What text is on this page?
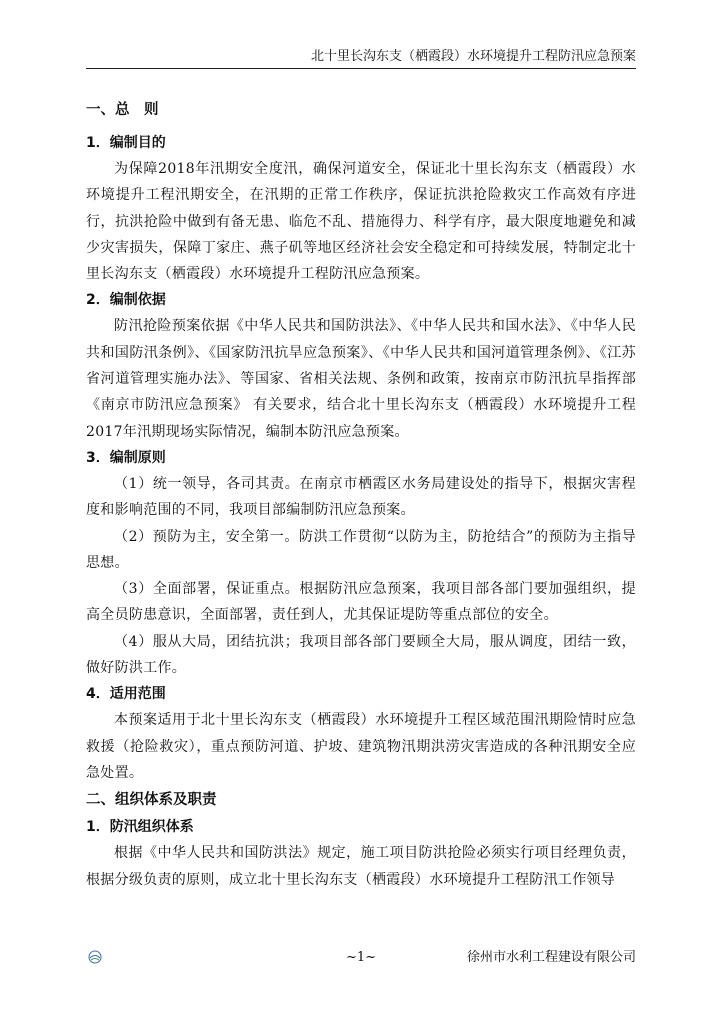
北十里长沟东支（栖霞段）水环境提升工程防汛应急预案
一、总　则
1．编制目的

为保障2018年汛期安全度汛，确保河道安全，保证北十里长沟东支（栖霞段）水环境提升工程汛期安全，在汛期的正常工作秩序，保证抗洪抢险救灾工作高效有序进行，抗洪抢险中做到有备无患、临危不乱、措施得力、科学有序，最大限度地避免和减少灾害损失，保障丁家庄、燕子矶等地区经济社会安全稳定和可持续发展，特制定北十里长沟东支（栖霞段）水环境提升工程防汛应急预案。

2．编制依据

防汛抢险预案依据《中华人民共和国防洪法》、《中华人民共和国水法》、《中华人民共和国防汛条例》、《国家防汛抗旱应急预案》、《中华人民共和国河道管理条例》、《江苏省河道管理实施办法》、等国家、省相关法规、条例和政策，按南京市防汛抗旱指挥部《南京市防汛应急预案》 有关要求，结合北十里长沟东支（栖霞段）水环境提升工程2017年汛期现场实际情况，编制本防汛应急预案。

3．编制原则

（1）统一领导，各司其责。在南京市栖霞区水务局建设处的指导下，根据灾害程度和影响范围的不同，我项目部编制防汛应急预案。

（2）预防为主，安全第一。防洪工作贯彻“以防为主，防抢结合”的预防为主指导思想。

（3）全面部署，保证重点。根据防汛应急预案，我项目部各部门要加强组织，提高全员防患意识，全面部署，责任到人，尤其保证堤防等重点部位的安全。

（4）服从大局，团结抗洪；我项目部各部门要顾全大局，服从调度，团结一致，做好防洪工作。

4．适用范围

本预案适用于北十里长沟东支（栖霞段）水环境提升工程区域范围汛期险情时应急救援（抢险救灾），重点预防河道、护坡、建筑物汛期洪涝灾害造成的各种汛期安全应急处置。

二、组织体系及职责
1．防汛组织体系

根据《中华人民共和国防洪法》规定，施工项目防洪抢险必须实行项目经理负责，根据分级负责的原则，成立北十里长沟东支（栖霞段）水环境提升工程防汛工作领导

~1~	徐州市水利工程建设有限公司
